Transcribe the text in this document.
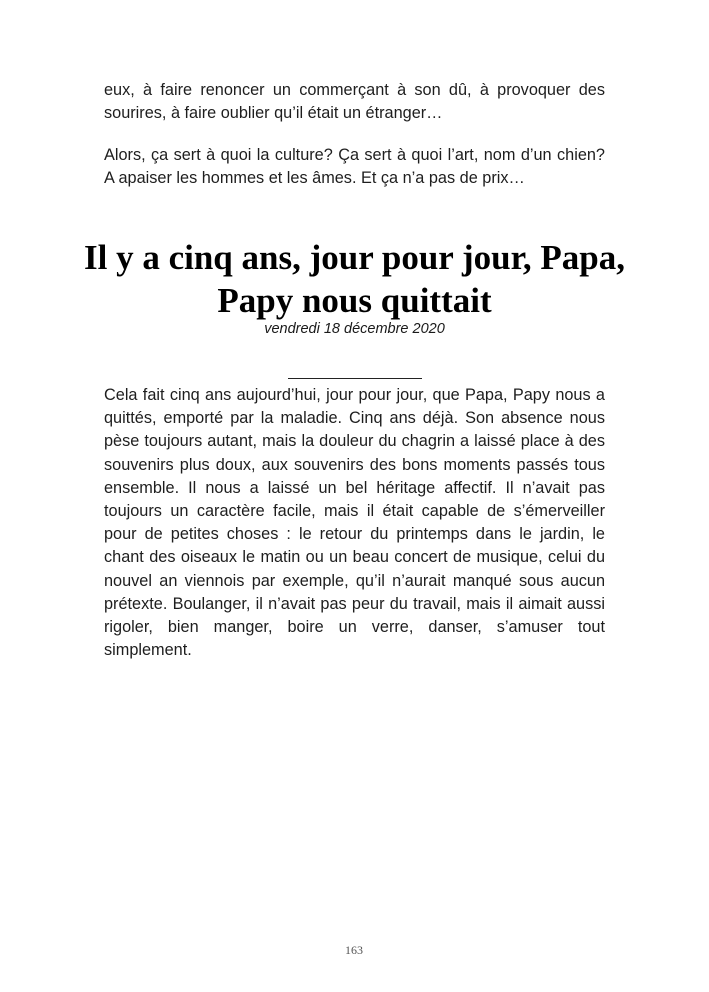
eux, à faire renoncer un commerçant à son dû, à provoquer des sourires, à faire oublier qu’il était un étranger…

Alors, ça sert à quoi la culture? Ça sert à quoi l’art, nom d’un chien? A apaiser les hommes et les âmes. Et ça n’a pas de prix…

Il y a cinq ans, jour pour jour, Papa, Papy nous quittait

vendredi 18 décembre 2020

Cela fait cinq ans aujourd’hui, jour pour jour, que Papa, Papy nous a quittés, emporté par la maladie. Cinq ans déjà. Son absence nous pèse toujours autant, mais la douleur du chagrin a laissé place à des souvenirs plus doux, aux souvenirs des bons moments passés tous ensemble. Il nous a laissé un bel héritage affectif. Il n’avait pas toujours un caractère facile, mais il était capable de s’émerveiller pour de petites choses : le retour du printemps dans le jardin, le chant des oiseaux le matin ou un beau concert de musique, celui du nouvel an viennois par exemple, qu’il n’aurait manqué sous aucun prétexte. Boulanger, il n’avait pas peur du travail, mais il aimait aussi rigoler, bien manger, boire un verre, danser, s’amuser tout simplement.

163
